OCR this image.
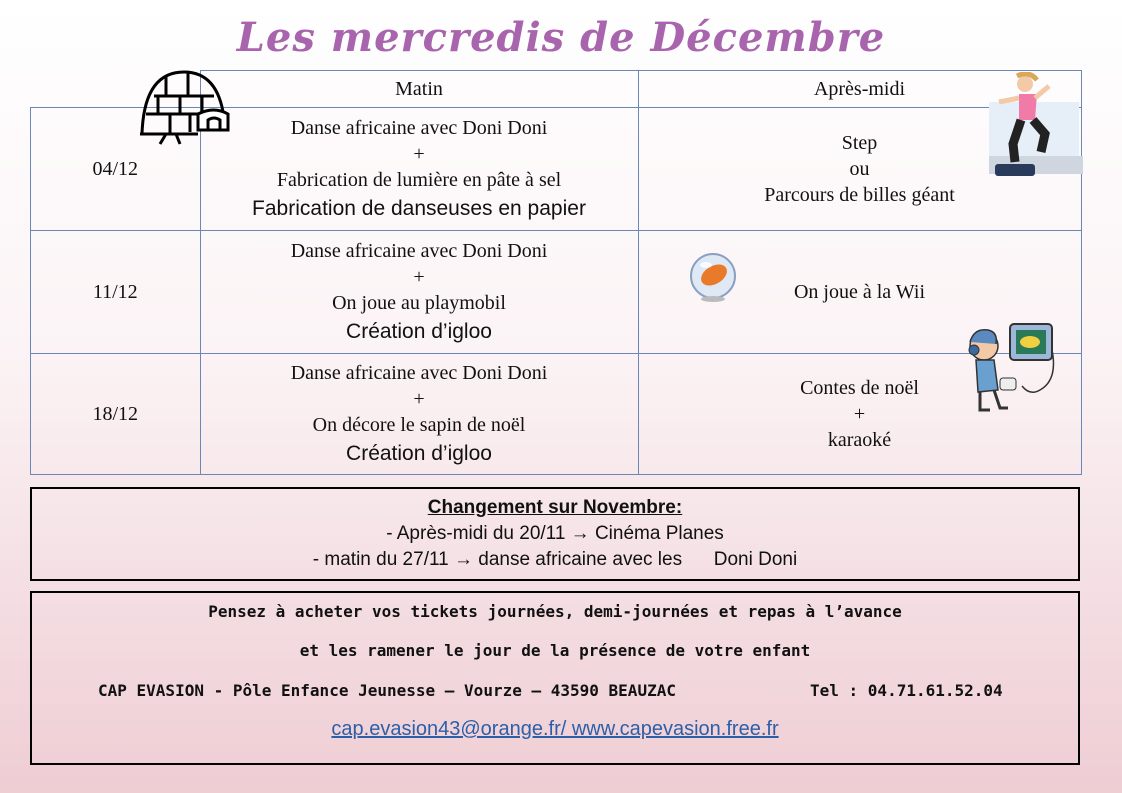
Les mercredis de Décembre
	Matin	Après-midi
04/12	Danse africaine avec Doni Doni
+
Fabrication de lumière en pâte à sel
Fabrication de danseuses en papier	Step
ou
Parcours de billes géant

11/12	Danse africaine avec Doni Doni
+
On joue au playmobil
Création d’igloo	On joue à la Wii

18/12	Danse africaine avec Doni Doni
+
On décore le sapin de noël
Création d’igloo	Contes de noël
+
karaoké
Changement sur Novembre:
- Après-midi du 20/11 → Cinéma Planes
- matin du 27/11 → danse africaine avec les      Doni Doni
Pensez à acheter vos tickets journées, demi-journées et repas à l’avance
et les ramener le jour de la présence de votre enfant
CAP EVASION - Pôle Enfance Jeunesse – Vourze – 43590 BEAUZAC	Tel : 04.71.61.52.04
cap.evasion43@orange.fr/ www.capevasion.free.fr
